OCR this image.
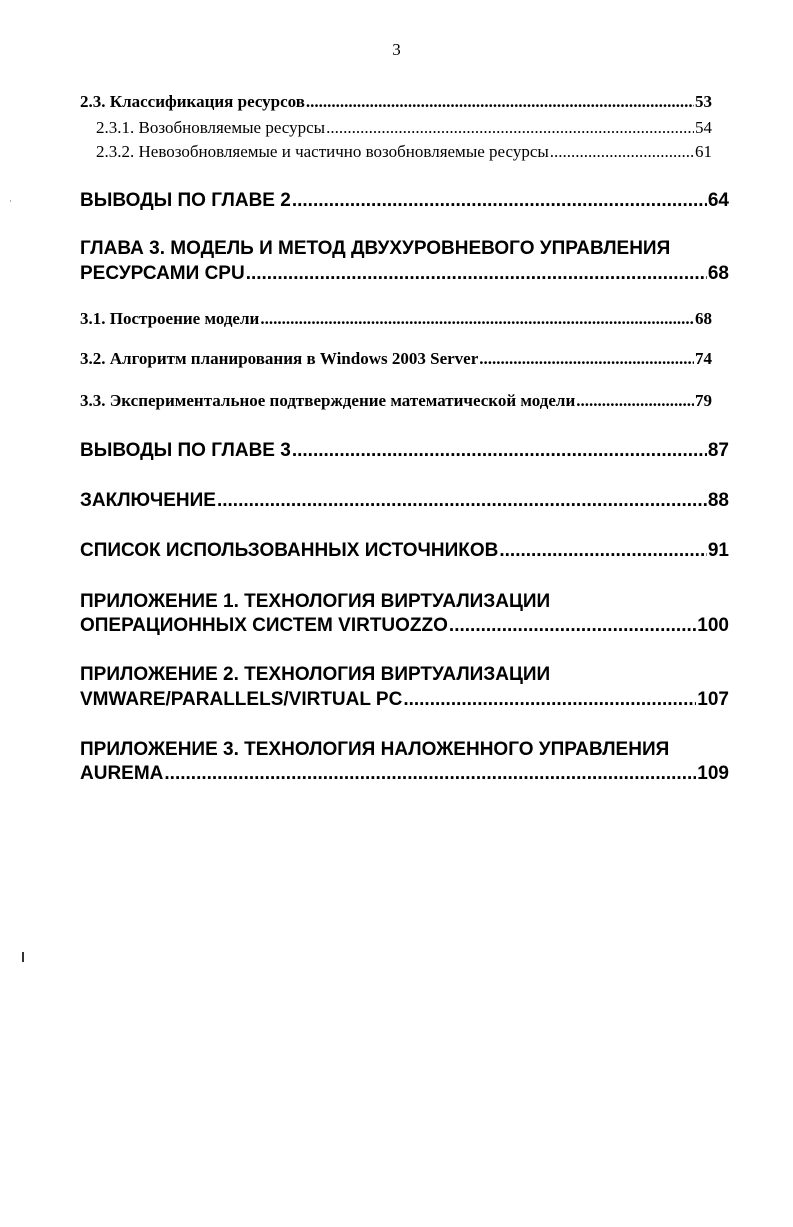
3
2.3. Классификация ресурсов .....	53
2.3.1. Возобновляемые ресурсы .....	54
2.3.2. Невозобновляемые и частично возобновляемые ресурсы .....	61
ВЫВОДЫ ПО ГЛАВЕ 2 .....	64
ГЛАВА 3. МОДЕЛЬ И МЕТОД ДВУХУРОВНЕВОГО УПРАВЛЕНИЯ
РЕСУРСАМИ CPU .....	68
3.1. Построение модели .....	68
3.2. Алгоритм планирования в Windows 2003 Server .....	74
3.3. Экспериментальное подтверждение математической модели .....	79
ВЫВОДЫ ПО ГЛАВЕ 3 .....	87
ЗАКЛЮЧЕНИЕ .....	88
СПИСОК ИСПОЛЬЗОВАННЫХ ИСТОЧНИКОВ .....	91
ПРИЛОЖЕНИЕ 1. ТЕХНОЛОГИЯ ВИРТУАЛИЗАЦИИ
ОПЕРАЦИОННЫХ СИСТЕМ VIRTUOZZO .....	100
ПРИЛОЖЕНИЕ 2. ТЕХНОЛОГИЯ ВИРТУАЛИЗАЦИИ
VMWARE/PARALLELS/VIRTUAL PC .....	107
ПРИЛОЖЕНИЕ 3. ТЕХНОЛОГИЯ НАЛОЖЕННОГО УПРАВЛЕНИЯ
AUREMA .....	109
